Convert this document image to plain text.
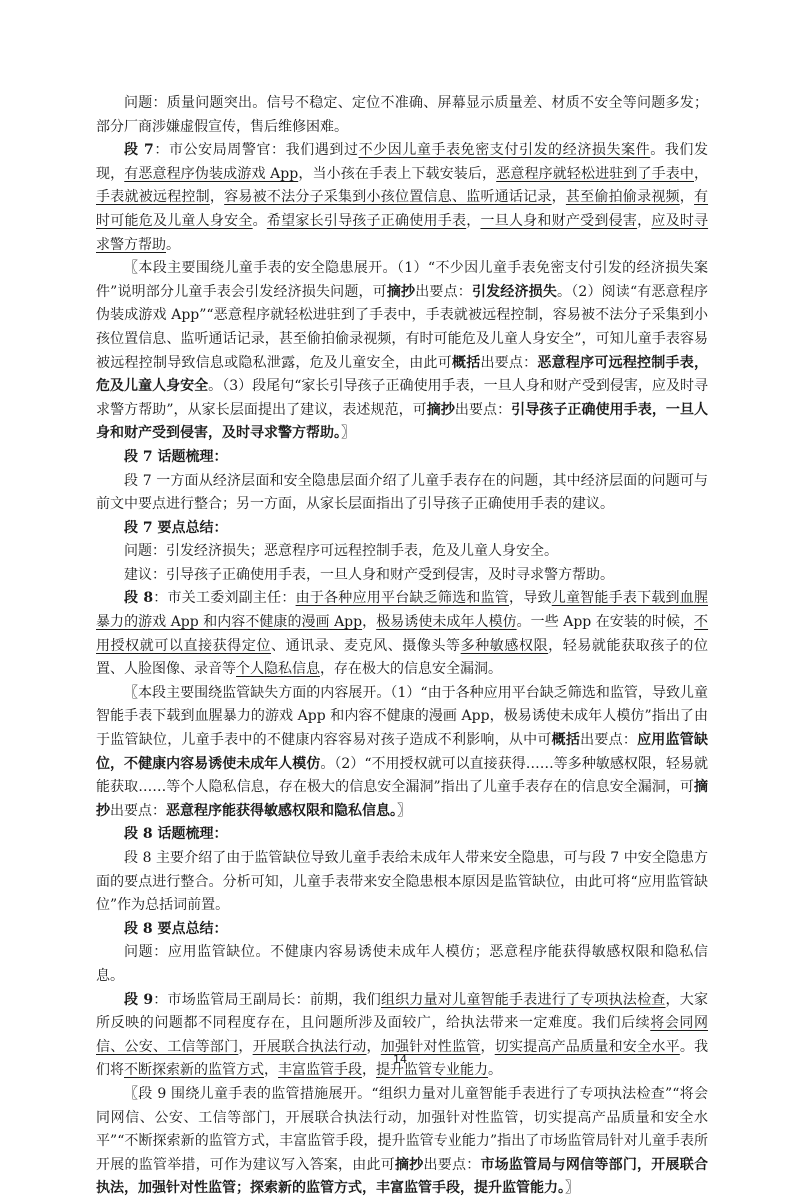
问题：质量问题突出。信号不稳定、定位不准确、屏幕显示质量差、材质不安全等问题多发；部分厂商涉嫌虚假宣传，售后维修困难。

段 7：市公安局周警官：我们遇到过不少因儿童手表免密支付引发的经济损失案件。我们发现，有恶意程序伪装成游戏 App，当小孩在手表上下载安装后，恶意程序就轻松进驻到了手表中，手表就被远程控制，容易被不法分子采集到小孩位置信息、监听通话记录，甚至偷拍偷录视频，有时可能危及儿童人身安全。希望家长引导孩子正确使用手表，一旦人身和财产受到侵害，应及时寻求警方帮助。

〖本段主要围绕儿童手表的安全隐患展开。（1）“不少因儿童手表免密支付引发的经济损失案件”说明部分儿童手表会引发经济损失问题，可摘抄出要点：引发经济损失。（2）阅读“有恶意程序伪装成游戏 App”“恶意程序就轻松进驻到了手表中，手表就被远程控制，容易被不法分子采集到小孩位置信息、监听通话记录，甚至偷拍偷录视频，有时可能危及儿童人身安全”，可知儿童手表容易被远程控制导致信息或隐私泄露，危及儿童安全，由此可概括出要点：恶意程序可远程控制手表，危及儿童人身安全。（3）段尾句“家长引导孩子正确使用手表，一旦人身和财产受到侵害，应及时寻求警方帮助”，从家长层面提出了建议，表述规范，可摘抄出要点：引导孩子正确使用手表，一旦人身和财产受到侵害，及时寻求警方帮助。〗

段 7 话题梳理：

段 7 一方面从经济层面和安全隐患层面介绍了儿童手表存在的问题，其中经济层面的问题可与前文中要点进行整合；另一方面，从家长层面指出了引导孩子正确使用手表的建议。

段 7 要点总结：

问题：引发经济损失；恶意程序可远程控制手表，危及儿童人身安全。

建议：引导孩子正确使用手表，一旦人身和财产受到侵害，及时寻求警方帮助。

段 8：市关工委刘副主任：由于各种应用平台缺乏筛选和监管，导致儿童智能手表下载到血腥暴力的游戏 App 和内容不健康的漫画 App，极易诱使未成年人模仿。一些 App 在安装的时候，不用授权就可以直接获得定位、通讯录、麦克风、摄像头等多种敏感权限，轻易就能获取孩子的位置、人脸图像、录音等个人隐私信息，存在极大的信息安全漏洞。

〖本段主要围绕监管缺失方面的内容展开。（1）“由于各种应用平台缺乏筛选和监管，导致儿童智能手表下载到血腥暴力的游戏 App 和内容不健康的漫画 App，极易诱使未成年人模仿”指出了由于监管缺位，儿童手表中的不健康内容容易对孩子造成不利影响，从中可概括出要点：应用监管缺位，不健康内容易诱使未成年人模仿。（2）“不用授权就可以直接获得……等多种敏感权限，轻易就能获取……等个人隐私信息，存在极大的信息安全漏洞”指出了儿童手表存在的信息安全漏洞，可摘抄出要点：恶意程序能获得敏感权限和隐私信息。〗

段 8 话题梳理：

段 8 主要介绍了由于监管缺位导致儿童手表给未成年人带来安全隐患，可与段 7 中安全隐患方面的要点进行整合。分析可知，儿童手表带来安全隐患根本原因是监管缺位，由此可将“应用监管缺位”作为总括词前置。

段 8 要点总结：

问题：应用监管缺位。不健康内容易诱使未成年人模仿；恶意程序能获得敏感权限和隐私信息。

段 9：市场监管局王副局长：前期，我们组织力量对儿童智能手表进行了专项执法检查，大家所反映的问题都不同程度存在，且问题所涉及面较广，给执法带来一定难度。我们后续将会同网信、公安、工信等部门，开展联合执法行动，加强针对性监管，切实提高产品质量和安全水平。我们将不断探索新的监管方式，丰富监管手段，提升监管专业能力。

〖段 9 围绕儿童手表的监管措施展开。“组织力量对儿童智能手表进行了专项执法检查”“将会同网信、公安、工信等部门，开展联合执法行动，加强针对性监管，切实提高产品质量和安全水平”“不断探索新的监管方式，丰富监管手段，提升监管专业能力”指出了市场监管局针对儿童手表所开展的监管举措，可作为建议写入答案，由此可摘抄出要点：市场监管局与网信等部门，开展联合执法，加强针对性监管；探索新的监管方式，丰富监管手段，提升监管能力。〗

14
